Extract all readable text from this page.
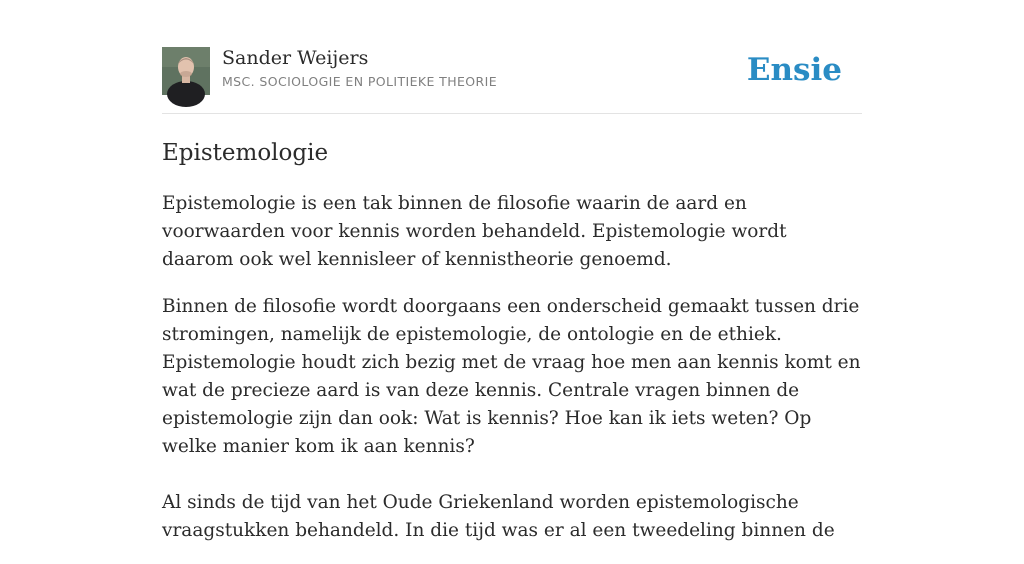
Sander Weijers
MSC. SOCIOLOGIE EN POLITIEKE THEORIE	Ensie
Epistemologie

Epistemologie is een tak binnen de filosofie waarin de aard en voorwaarden voor kennis worden behandeld. Epistemologie wordt daarom ook wel kennisleer of kennistheorie genoemd.

Binnen de filosofie wordt doorgaans een onderscheid gemaakt tussen drie stromingen, namelijk de epistemologie, de ontologie en de ethiek. Epistemologie houdt zich bezig met de vraag hoe men aan kennis komt en wat de precieze aard is van deze kennis. Centrale vragen binnen de epistemologie zijn dan ook: Wat is kennis? Hoe kan ik iets weten? Op welke manier kom ik aan kennis?

Al sinds de tijd van het Oude Griekenland worden epistemologische vraagstukken behandeld. In die tijd was er al een tweedeling binnen de
